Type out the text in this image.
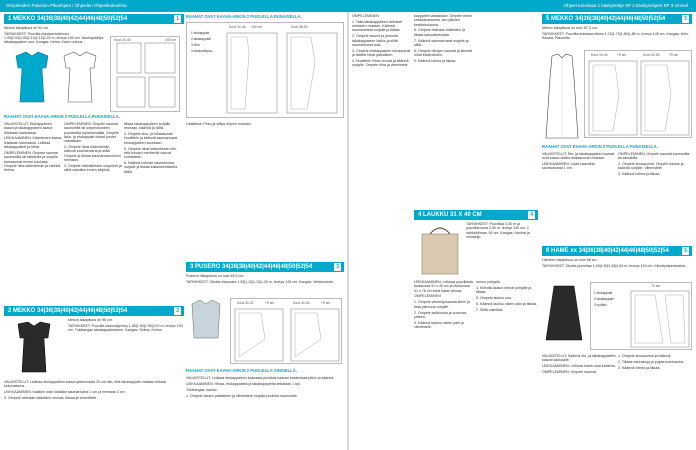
Ompeleiden Palvelun Pikaohjeet / Ohjeiden Ohjeetkokoelma	Ohjeet tunnistaa 1 käsityöohje SP 2 käsityöohjeet SP 3 ommel
1 MEKKO 34|36|38|40|42|44|46|48|50|52|54	1

Mekon takapituus on 92 cm.

TARVIKKEET: Puuvilla-elastaaniviskoosi 1,95|2,00|2,05|2,10|2,15|2,20 m, leveys 150 cm. Nauhapäällys takakappaleen suu. Kangas: Helmi, Kalvo uutuus.

Koot 34-40	150 cm
RAAHAT OVAT KAAVA-ARKIN 2 PUOLELLA PUNAISELLA.

VALMISTELUT: Etukappaleen kaava ja takakappaleen kaava leikataan kankaasta.

LEIKKAAMINEN: Käänteinen kaava leikataan kankaasta. Leikkaa takakappaleet ja hihat.

OMPELEMINEN: Ompele saumat saumuriilla tai siksakilla ja ompele sivusaumat ennen kaulusta. Ompele hiha kädenteisiin ja kiinnitä helma.

OMPELEMINEN: Ompele saumat saumurilla tai ompelukoneen joustavalla tuplanneulalla. Ompele taka- ja etukappale oikeat puolet vastakkain.

2. Ompele hihat kädenteisiin, käännä saumanvarat ja silitä. Ompele ja tikkaa saumanvara kiinni helmaan.

3. Ompele helmalehden ompeleet ja silitä valmiiksi ennen käyttöä.

tikkaa takakappaleen nurjalle reunaan, käännä ja silitä.

4. Ompele sivu- ja hihasaumat. Huolittele ja käännä saumanvarat etukappaleen suuntaan.

5. Ompele hihat kädenteisiin niin, että hihojen merkinnät osuvat kohdalleen.

6. Käännä helman saumanvara nurjalle ja tikkaa kaksinkertaisella tikillä.

RAAHAT OVAT KAAVA-ARKIN 2 PUOLELLA PUNAISELLA.
Koot 34-46 150 cm	Koot 48-54

1 etukappale

2 takakappale

3 hiha

4 kaulusrimpsu

Lisätietoa: Pesu ja silitys ohjeen mukaan.

2 MEKKO 34|36|38|40|42|44|46|48|50|52|54	2

Mekon takapituus on 96 cm.

TARVIKKEET: Puuvilla-viskoosijersey 1,85|1,90|1,95|2,00 m, leveys 150 cm. Tukikangas takakappaleeseen. Kangas: Selma, Kolmo.

VALMISTELUT: Leikkaa etukappaleen kaava yläreunasta 20 cm niin, että takakappale voidaan leikata kokonaisena.

LEIKKAAMINEN: Kaikkiin osiin lisätään saumanvarat 1 cm ja helmaan 3 cm.

3. Ompele helmaan kääntäen reunaa, tikkaa ja viimeistele.

3 PUSERO 34|36|38|40|42|44|46|48|50|52|54	3

Puseron takapituus on noin 63,5 cm.

TARVIKKEET: Ohutta viskoosia 1,05|1,10|1,15|1,20 m, leveys 145 cm. Kangas: Verkkoneule.

Koot 34-42	75 cm	Koot 44-54	75 cm
RAAHAT OVAT KAAVA-ARKIN 2 PUOLELLA SINISELLÄ.

VALMISTELUT: Leikkaa etukappaleen kaavasta puolikas kaavan keskiviivaa pitkin ja käännä.

LEIKKAAMINEN: Hihaa, etukappaletta ja takakappaletta leikataan 1 kpl.

Tukikangas: kaulus.

1. Ompele kaulus paikalleen ja viimeistele nurjalta puolelta saumurilla.

OMPELEMINEN:

1. Taita takakappaleen taitokset merkkien mukaan. Käännä saumanvarat nurjalle ja tikkaa.

2. Ompele sauma ja pinnoita takakappaleen halkio ja silitä saumanvarat auki.

3. Ompele etukappaleen sivusaumat ja taittele hihat paikalleen.

4. Huolittele hihan reunat ja käännä nurjalle. Ompele hiha ja viimeistele.

kappaleet vastakkain. Ompele ensin keskitakasauma, sen jälkeen keskietusauma.

6. Ompele helmaan kääntäen ja tikkaa kaksoisneulalla.

7. Käännä saumanvarat nurjalle ja silitä.

8. Ompele hihojen saumat ja kiinnitä hihat kädenteisiin.

9. Käännä helma ja tikkaa.

4 LAUKKU 31 X 40 CM	4

TARVIKKEET: Puuvillaa 0,50 m ja puuvillavuoria 0,50 m, leveys 140 cm. 2 nahkahihnaa, 60 cm. Kangas: Nauhat ja vetoketju.

LEIKKAAMINEN: Leikkaa puuvillasta laukkuosa 31 x 40 cm ja laukkuosa 31 x 76 cm sekä kaksi hihnaa.

OMPELEMINEN:

1. Ompele vetoketjusauma kiinni ja taita yläreuna nurjalle.

2. Ompele laukkuosa ja vuoriosa yhteen.

3. Käännä laukku oikein päin ja viimeistele.

muruu pohjalla.

4. Kiinnitä laukun hihnat pohjalle ja tikkaa.

5. Ompele laukun suu.

6. Käännä laukku oikein päin ja tikkaa.

7. Silitä valmiiksi.

5 MEKKO 34|36|38|40|42|44|46|48|50|52|54	5

Mekon takapituus on noin 87,5 cm.

TARVIKKEET: Puuvilla-elastaani-trikoo 1,70|1,75|1,80|1,85 m, leveys 145 cm. Kangas: Kelo, Kavala, Paloniittu.

Koot 34-40	75 cm	Koot 42-54	75 cm
RAAHAT OVAT KAAVA-ARKIN 2 PUOLELLA PUNAISELLA.

VALMISTELUT: Etu- ja takakappaleen kaavat ovat kaava-arkilla lankasuoran mukaan.

LEIKKAAMINEN: Lisää kaavoihin saumanvarat 1 cm.

OMPELEMINEN: Ompele saumat saumurilla tai siksakilla.

2. Ompele sivusaumat. Ompele kaulus ja käännä nurjalle. Viimeistele.

3. Käännä helma ja tikkaa.

6 HAME xx 34|36|38|40|42|44|46|48|50|52|54	6

Hameen takapituus on noin 68 cm.

TARVIKKEET: Ohutta puuvillaa 1,45|1,50|1,55|1,60 m, leveys 140 cm. Kiinnityskuminauha.

70 cm

1 etukappale

2 takakappale

3 vyötärö

VALMISTELUT: Käännä etu- ja takakappaleen kaavat kankaalle.

LEIKKAAMINEN: Leikkaa hame-osat kahtena.

OMPELEMINEN: Ompele saumat.

1. Ompele sivusaumat ja käännä.

2. Tikkaa nauhakuja ja pujota kuminauha.

3. Käännä helma ja tikkaa.
